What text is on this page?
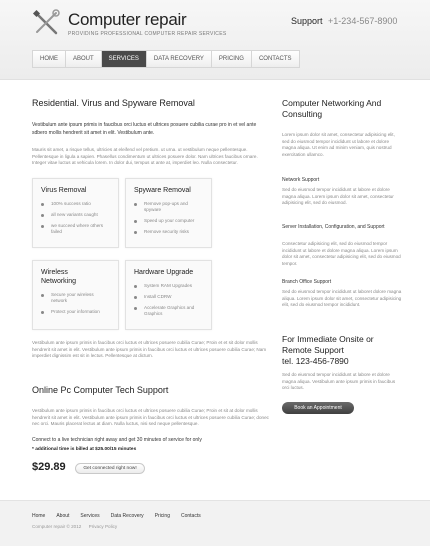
Computer repair
PROVIDING PROFESSIONAL COMPUTER REPAIR SERVICES
Support +1-234-567-8900
HOME	ABOUT	SERVICES	DATA RECOVERY	PRICING	CONTACTS
Residential. Virus and Spyware Removal
Vestibulum ante ipsum primis in faucibus orci luctus et ultrices posuere cubilia curae pro in et vel ante sdbero mollis hendrerit sit amet in elit. Vestibulum ante.
Mauris sit amet, a risque tellus, ultricies at eleifend vel pretium. ut urna. ut vestibulum neque pellentesque. Pellentesque in ligula a sapien. Phasellus condimentum ut ultrices posuere dolor. Nam ultrices faucibus ornare. Integer vitae luctus at vehicula lorem. In dolor dui, tempus ut ante at, imperdiet leo. Nulla consectetur.
Virus Removal
100% success ratio
all new variants caught
we succeed where others failed
Spyware Removal
Remove pop-ups and spyware
Speed up your computer
Remove security risks
Wireless Networking
Secure your wireless network
Protect your information
Hardware Upgrade
System RAM Upgrades
Install CDRW
Accelerate Graphics and Graphics
Vestibulum ante ipsum primis in faucibus orci luctus et ultrices posuere cubilia Curae; Proin et et sit dolor mollis hendrerit sit amet in elit. Vestibulum ante ipsum primis in faucibus orci luctus et ultrices posuere cubilia Curae; Nam imperdiet dignissim est sit in lectus. Pellentesque at dictum.
Online Pc Computer Tech Support
Vestibulum ante ipsum primis in faucibus orci luctus et ultrices posuere cubilia Curae; Proin et sit at dolor mollis hendrerit sit amet in elit. Vestibulum ante ipsum primis in faucibus orci luctus et ultrices posuere cubilia Curae; donec nec orci. Mauris placerat lectus at diam. Nulla luctus, nisi sed neque pellentesque.
Connect to a live technician right away and get 30 minutes of service for only
* additional time is billed at $25.00/15 minutes
$29.89	Get connected right now!
Computer Networking And Consulting
Lorem ipsum dolor sit amet, consectetur adipisicing elit, sed do eiusmod tempor incididunt ut labore et dolore magna aliqua. Ut enim ad minim veniam, quis nostrud exercitation ullamco.
Network Support
Sed do eiusmod tempor incididunt ut labore et dolore magna aliqua. Lorem ipsum dolor sit amet, consectetur adipisicing elit, sed do eiusmod.
Server Installation, Configuration, and Support
Consectetur adipisicing elit, sed do eiusmod tempor incididunt ut labore et dolore magna aliqua. Lorem ipsum dolor sit amet, consectetur adipisicing elit, sed do eiusmod tempor.
Branch Office Support
Sed do eiusmod tempor incididunt ut laboret dolore magna aliqua. Lorem ipsum dolor sit amet, consectetur adipisicing elit, sed do eiusmod tempor incididunt.
For Immediate Onsite or Remote Support
tel. 123-456-7890
Sed do eiusmod tempor incididunt ut labore et dolore magna aliqua. Vestibulum ante ipsum primis in faucibus orci luctus.
Book an Appointment
Home About Services Data Recovery Pricing Contacts
Computer repair © 2012 Privacy Policy
